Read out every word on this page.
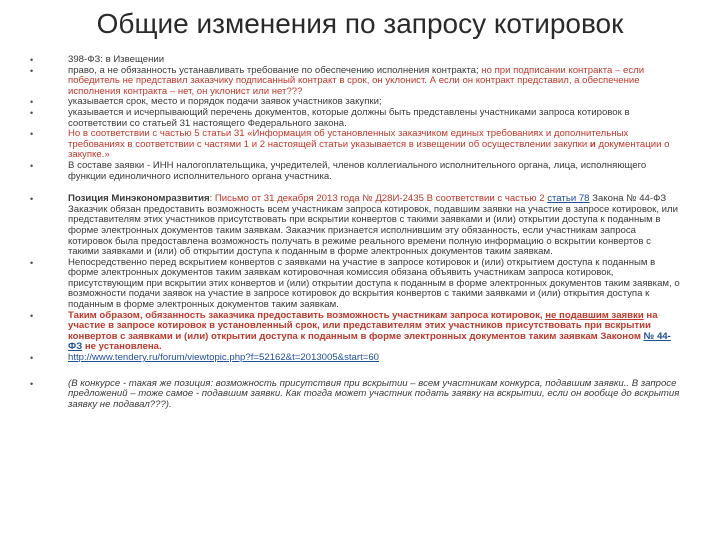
Общие изменения по запросу котировок
• 398-ФЗ: в Извещении
• право, а не обязанность устанавливать требование по обеспечению исполнения контракта; но при подписании контракта – если победитель не представил заказчику подписанный контракт в срок, он уклонист. А если он контракт представил, а обеспечение исполнения контракта – нет, он уклонист или нет???
• указывается срок, место и порядок подачи заявок участников закупки;
• указывается и исчерпывающий перечень документов, которые должны быть представлены участниками запроса котировок в соответствии со статьей 31 настоящего Федерального закона.
• Но в соответствии с частью 5 статьи 31 «Информация об установленных заказчиком единых требованиях и дополнительных требованиях в соответствии с частями 1 и 2 настоящей статьи указывается в извещении об осуществлении закупки и документации о закупке.»
• В составе заявки - ИНН налогоплательщика, учредителей, членов коллегиального исполнительного органа, лица, исполняющего функции единоличного исполнительного органа участника.
• Позиция Минэкономразвития: Письмо от 31 декабря 2013 года № Д28И-2435 В соответствии с частью 2 статьи 78 Закона № 44-ФЗ Заказчик обязан предоставить возможность всем участникам запроса котировок, подавшим заявки на участие в запросе котировок, или представителям этих участников присутствовать при вскрытии конвертов с такими заявками и (или) открытии доступа к поданным в форме электронных документов таким заявкам. Заказчик признается исполнившим эту обязанность, если участникам запроса котировок была предоставлена возможность получать в режиме реального времени полную информацию о вскрытии конвертов с такими заявками и (или) об открытии доступа к поданным в форме электронных документов таким заявкам.
• Непосредственно перед вскрытием конвертов с заявками на участие в запросе котировок и (или) открытием доступа к поданным в форме электронных документов таким заявкам котировочная комиссия обязана объявить участникам запроса котировок, присутствующим при вскрытии этих конвертов и (или) открытии доступа к поданным в форме электронных документов таким заявкам, о возможности подачи заявок на участие в запросе котировок до вскрытия конвертов с такими заявками и (или) открытия доступа к поданным в форме электронных документов таким заявкам.
• Таким образом, обязанность заказчика предоставить возможность участникам запроса котировок, не подавшим заявки на участие в запросе котировок в установленный срок, или представителям этих участников присутствовать при вскрытии конвертов с заявками и (или) открытии доступа к поданным в форме электронных документов таким заявкам Законом № 44-ФЗ не установлена.
• http://www.tendery.ru/forum/viewtopic.php?f=52162&t=2013005&start=60
• (В конкурсе - такая же позиция: возможность присутствия при вскрытии – всем участникам конкурса, подавшим заявки.. В запросе предложений – тоже самое - подавшим заявки. Как тогда может участник подать заявку на вскрытии, если он вообще до вскрытия заявку не подавал???).
